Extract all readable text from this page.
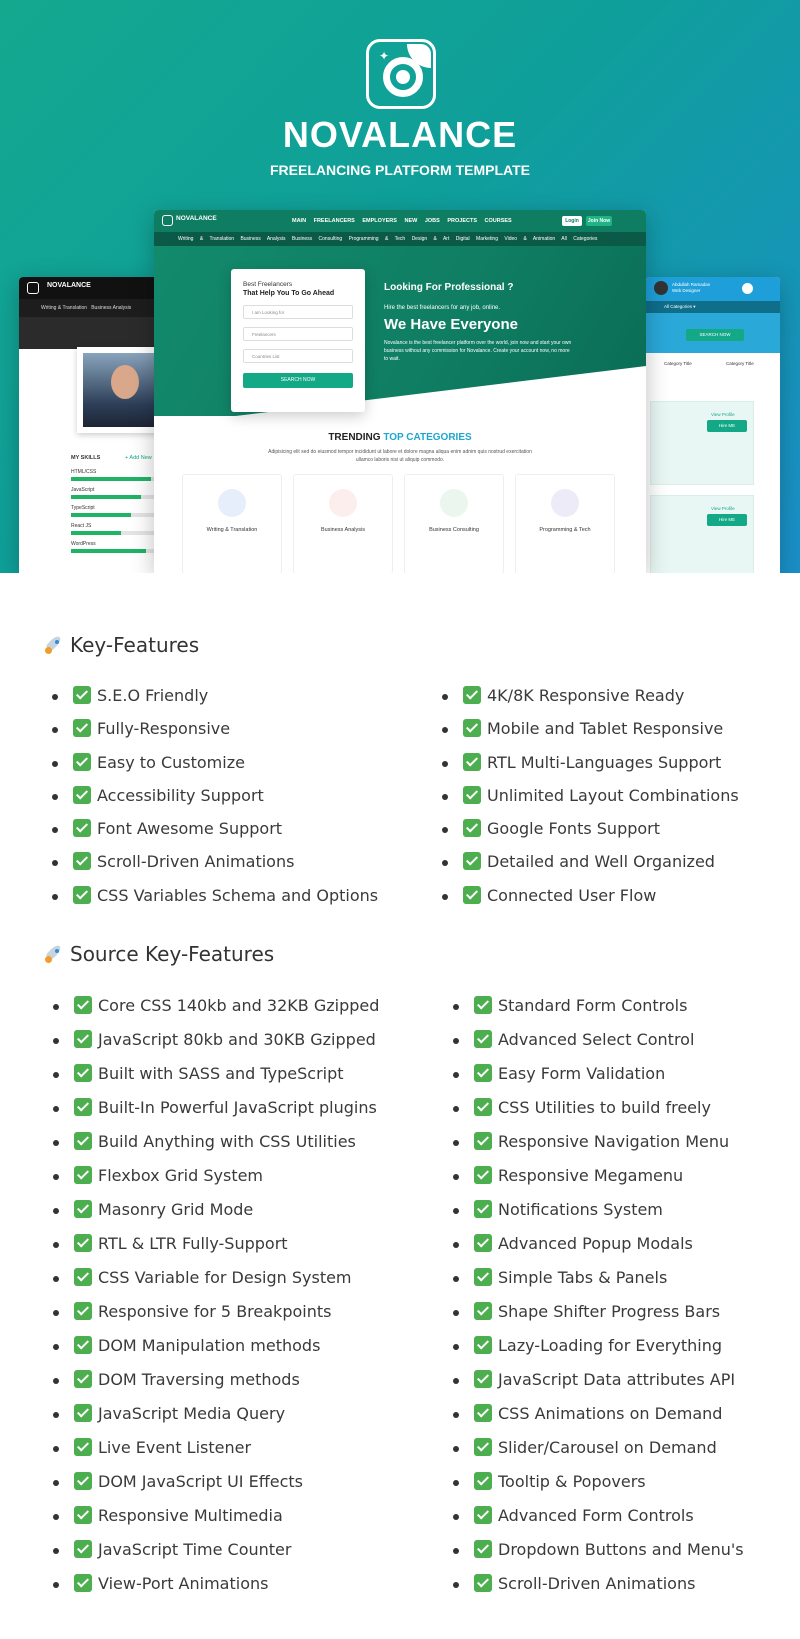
✦
NOVALANCE
FREELANCING PLATFORM TEMPLATE
NOVALANCE
Writing & Translation Business Analysis
MY SKILLS	+ Add New
HTML/CSS
JavaScript
TypeScript
React JS
WordPress
Abdullah Ramadan
Web Designer
All Categories ▾
SEARCH NOW
Category Title	Category Title
View Profile
Hire ME
View Profile
Hire ME
NOVALANCE	MAIN FREELANCERS EMPLOYERS NEW JOBS PROJECTS COURSES	Login	Join Now
Writing & Translation Business Analysis Business Consulting Programming & Tech Design & Art Digital Marketing Video & Animation All Categories
Looking For Professional ?
Hire the best freelancers for any job, online.
We Have Everyone
Novalance is the best freelancer platform over the world, join now and start your own business without any commission for Novalance. Create your account now, no more to wait.
Best Freelancers
That Help You To Go Ahead
I am Looking for
Freelancers
Countries List
SEARCH NOW
TRENDING TOP CATEGORIES
Adipisicing elit sed do eiusmod tempor incididunt ut labore et dolore magna aliqua enim adnim quis nostrud exercitation ullamco laboris nisi ut aliquip commodo.
Writing & Translation	Business Analysis	Business Consulting	Programming & Tech
Key-Features
S.E.O Friendly
Fully-Responsive
Easy to Customize
Accessibility Support
Font Awesome Support
Scroll-Driven Animations
CSS Variables Schema and Options
4K/8K Responsive Ready
Mobile and Tablet Responsive
RTL Multi-Languages Support
Unlimited Layout Combinations
Google Fonts Support
Detailed and Well Organized
Connected User Flow
Source Key-Features
Core CSS 140kb and 32KB Gzipped
JavaScript 80kb and 30KB Gzipped
Built with SASS and TypeScript
Built-In Powerful JavaScript plugins
Build Anything with CSS Utilities
Flexbox Grid System
Masonry Grid Mode
RTL & LTR Fully-Support
CSS Variable for Design System
Responsive for 5 Breakpoints
DOM Manipulation methods
DOM Traversing methods
JavaScript Media Query
Live Event Listener
DOM JavaScript UI Effects
Responsive Multimedia
JavaScript Time Counter
View-Port Animations
Standard Form Controls
Advanced Select Control
Easy Form Validation
CSS Utilities to build freely
Responsive Navigation Menu
Responsive Megamenu
Notifications System
Advanced Popup Modals
Simple Tabs & Panels
Shape Shifter Progress Bars
Lazy-Loading for Everything
JavaScript Data attributes API
CSS Animations on Demand
Slider/Carousel on Demand
Tooltip & Popovers
Advanced Form Controls
Dropdown Buttons and Menu's
Scroll-Driven Animations
